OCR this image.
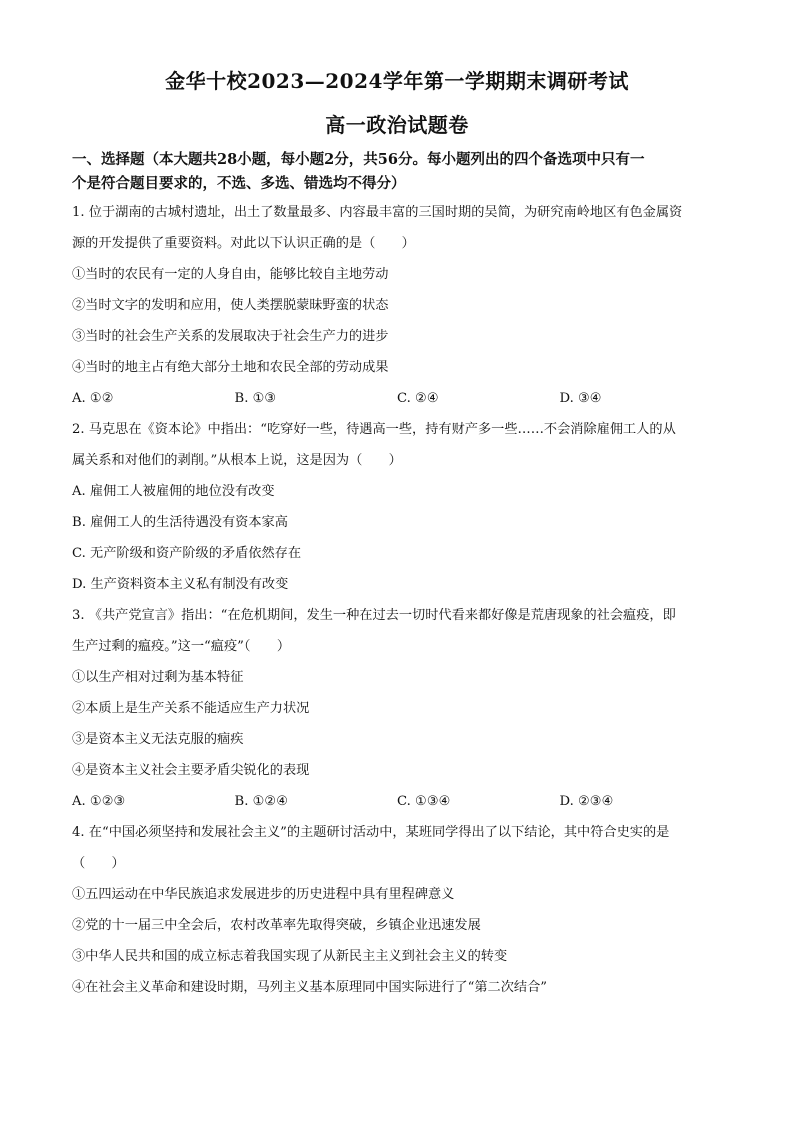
金华十校2023—2024学年第一学期期末调研考试
高一政治试题卷
一、选择题（本大题共28小题，每小题2分，共56分。每小题列出的四个备选项中只有一
个是符合题目要求的，不选、多选、错选均不得分）
1. 位于湖南的古城村遗址，出土了数量最多、内容最丰富的三国时期的吴简，为研究南岭地区有色金属资
源的开发提供了重要资料。对此以下认识正确的是（　　）
①当时的农民有一定的人身自由，能够比较自主地劳动
②当时文字的发明和应用，使人类摆脱蒙昧野蛮的状态
③当时的社会生产关系的发展取决于社会生产力的进步
④当时的地主占有绝大部分土地和农民全部的劳动成果
A. ①②	B. ①③	C. ②④	D. ③④
2. 马克思在《资本论》中指出：“吃穿好一些，待遇高一些，持有财产多一些……不会消除雇佣工人的从
属关系和对他们的剥削。”从根本上说，这是因为（　　）
A. 雇佣工人被雇佣的地位没有改变
B. 雇佣工人的生活待遇没有资本家高
C. 无产阶级和资产阶级的矛盾依然存在
D. 生产资料资本主义私有制没有改变
3. 《共产党宣言》指出：“在危机期间，发生一种在过去一切时代看来都好像是荒唐现象的社会瘟疫，即
生产过剩的瘟疫。”这一“瘟疫”（　　）
①以生产相对过剩为基本特征
②本质上是生产关系不能适应生产力状况
③是资本主义无法克服的痼疾
④是资本主义社会主要矛盾尖锐化的表现
A. ①②③	B. ①②④	C. ①③④	D. ②③④
4. 在“中国必须坚持和发展社会主义”的主题研讨活动中，某班同学得出了以下结论，其中符合史实的是
（　　）
①五四运动在中华民族追求发展进步的历史进程中具有里程碑意义
②党的十一届三中全会后，农村改革率先取得突破，乡镇企业迅速发展
③中华人民共和国的成立标志着我国实现了从新民主主义到社会主义的转变
④在社会主义革命和建设时期，马列主义基本原理同中国实际进行了“第二次结合”
